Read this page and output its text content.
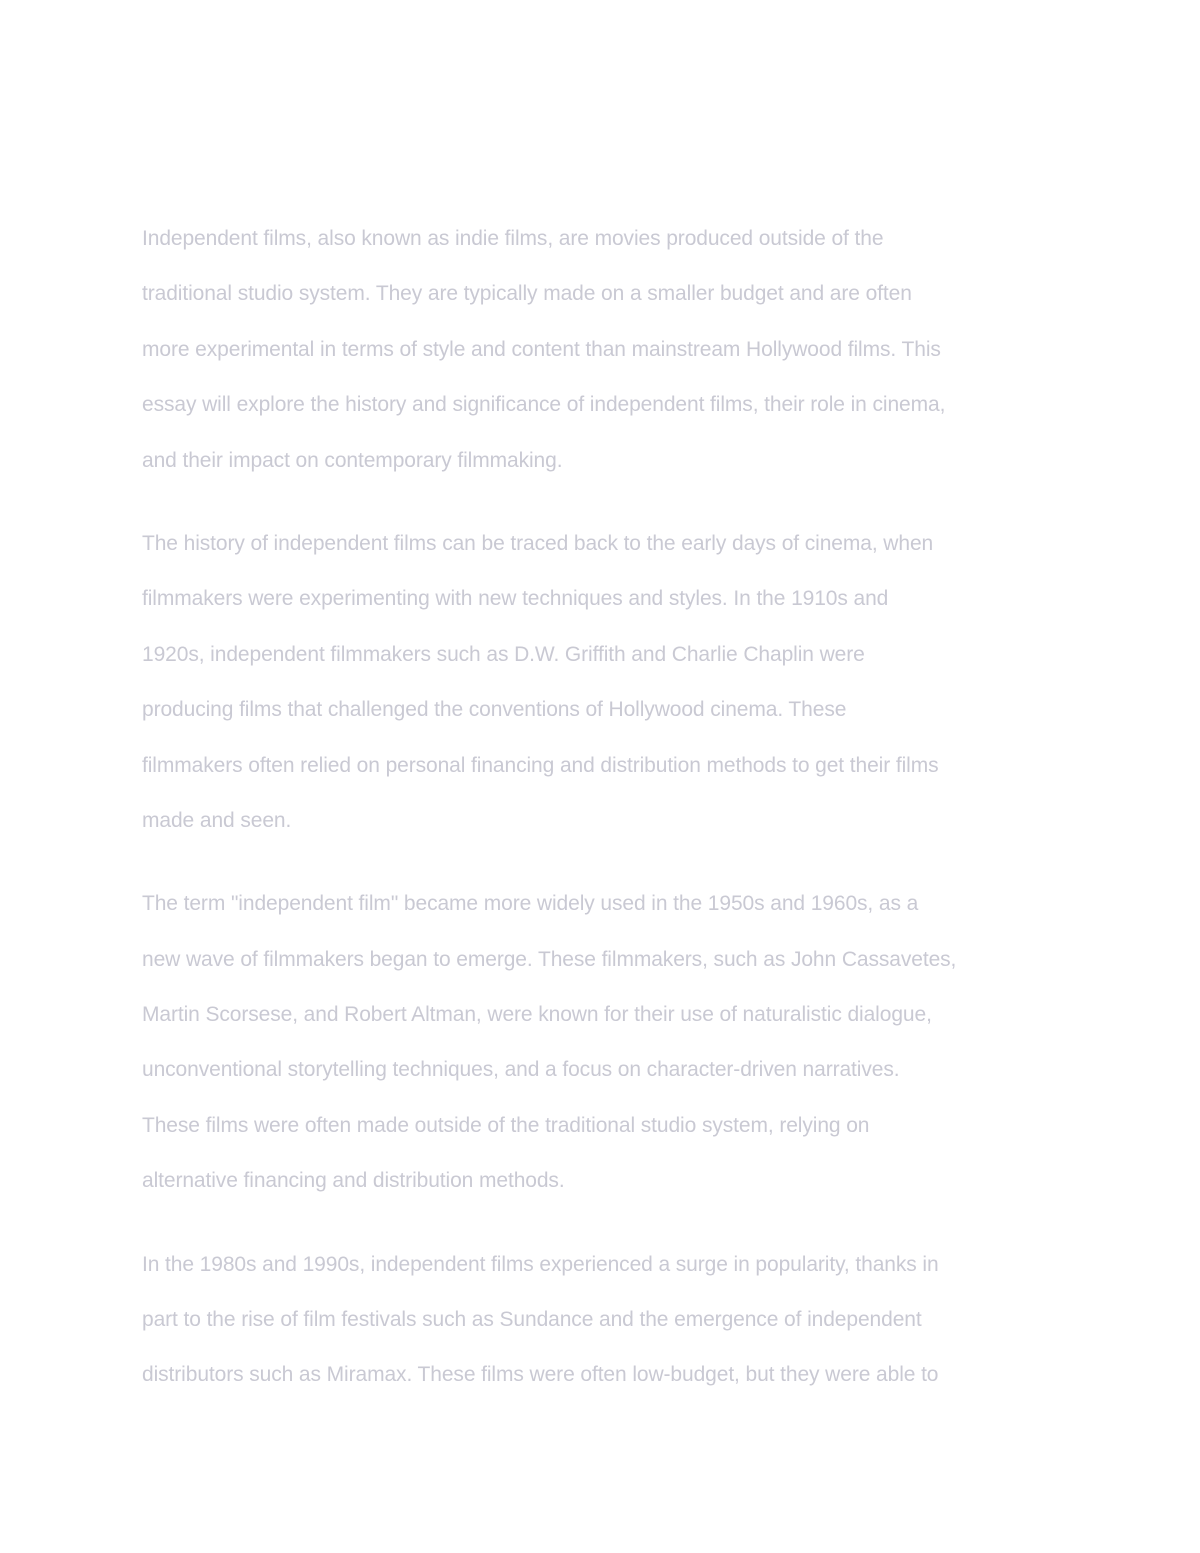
Independent films, also known as indie films, are movies produced outside of the
traditional studio system. They are typically made on a smaller budget and are often
more experimental in terms of style and content than mainstream Hollywood films. This
essay will explore the history and significance of independent films, their role in cinema,
and their impact on contemporary filmmaking.
The history of independent films can be traced back to the early days of cinema, when
filmmakers were experimenting with new techniques and styles. In the 1910s and
1920s, independent filmmakers such as D.W. Griffith and Charlie Chaplin were
producing films that challenged the conventions of Hollywood cinema. These
filmmakers often relied on personal financing and distribution methods to get their films
made and seen.
The term "independent film" became more widely used in the 1950s and 1960s, as a
new wave of filmmakers began to emerge. These filmmakers, such as John Cassavetes,
Martin Scorsese, and Robert Altman, were known for their use of naturalistic dialogue,
unconventional storytelling techniques, and a focus on character-driven narratives.
These films were often made outside of the traditional studio system, relying on
alternative financing and distribution methods.
In the 1980s and 1990s, independent films experienced a surge in popularity, thanks in
part to the rise of film festivals such as Sundance and the emergence of independent
distributors such as Miramax. These films were often low-budget, but they were able to
